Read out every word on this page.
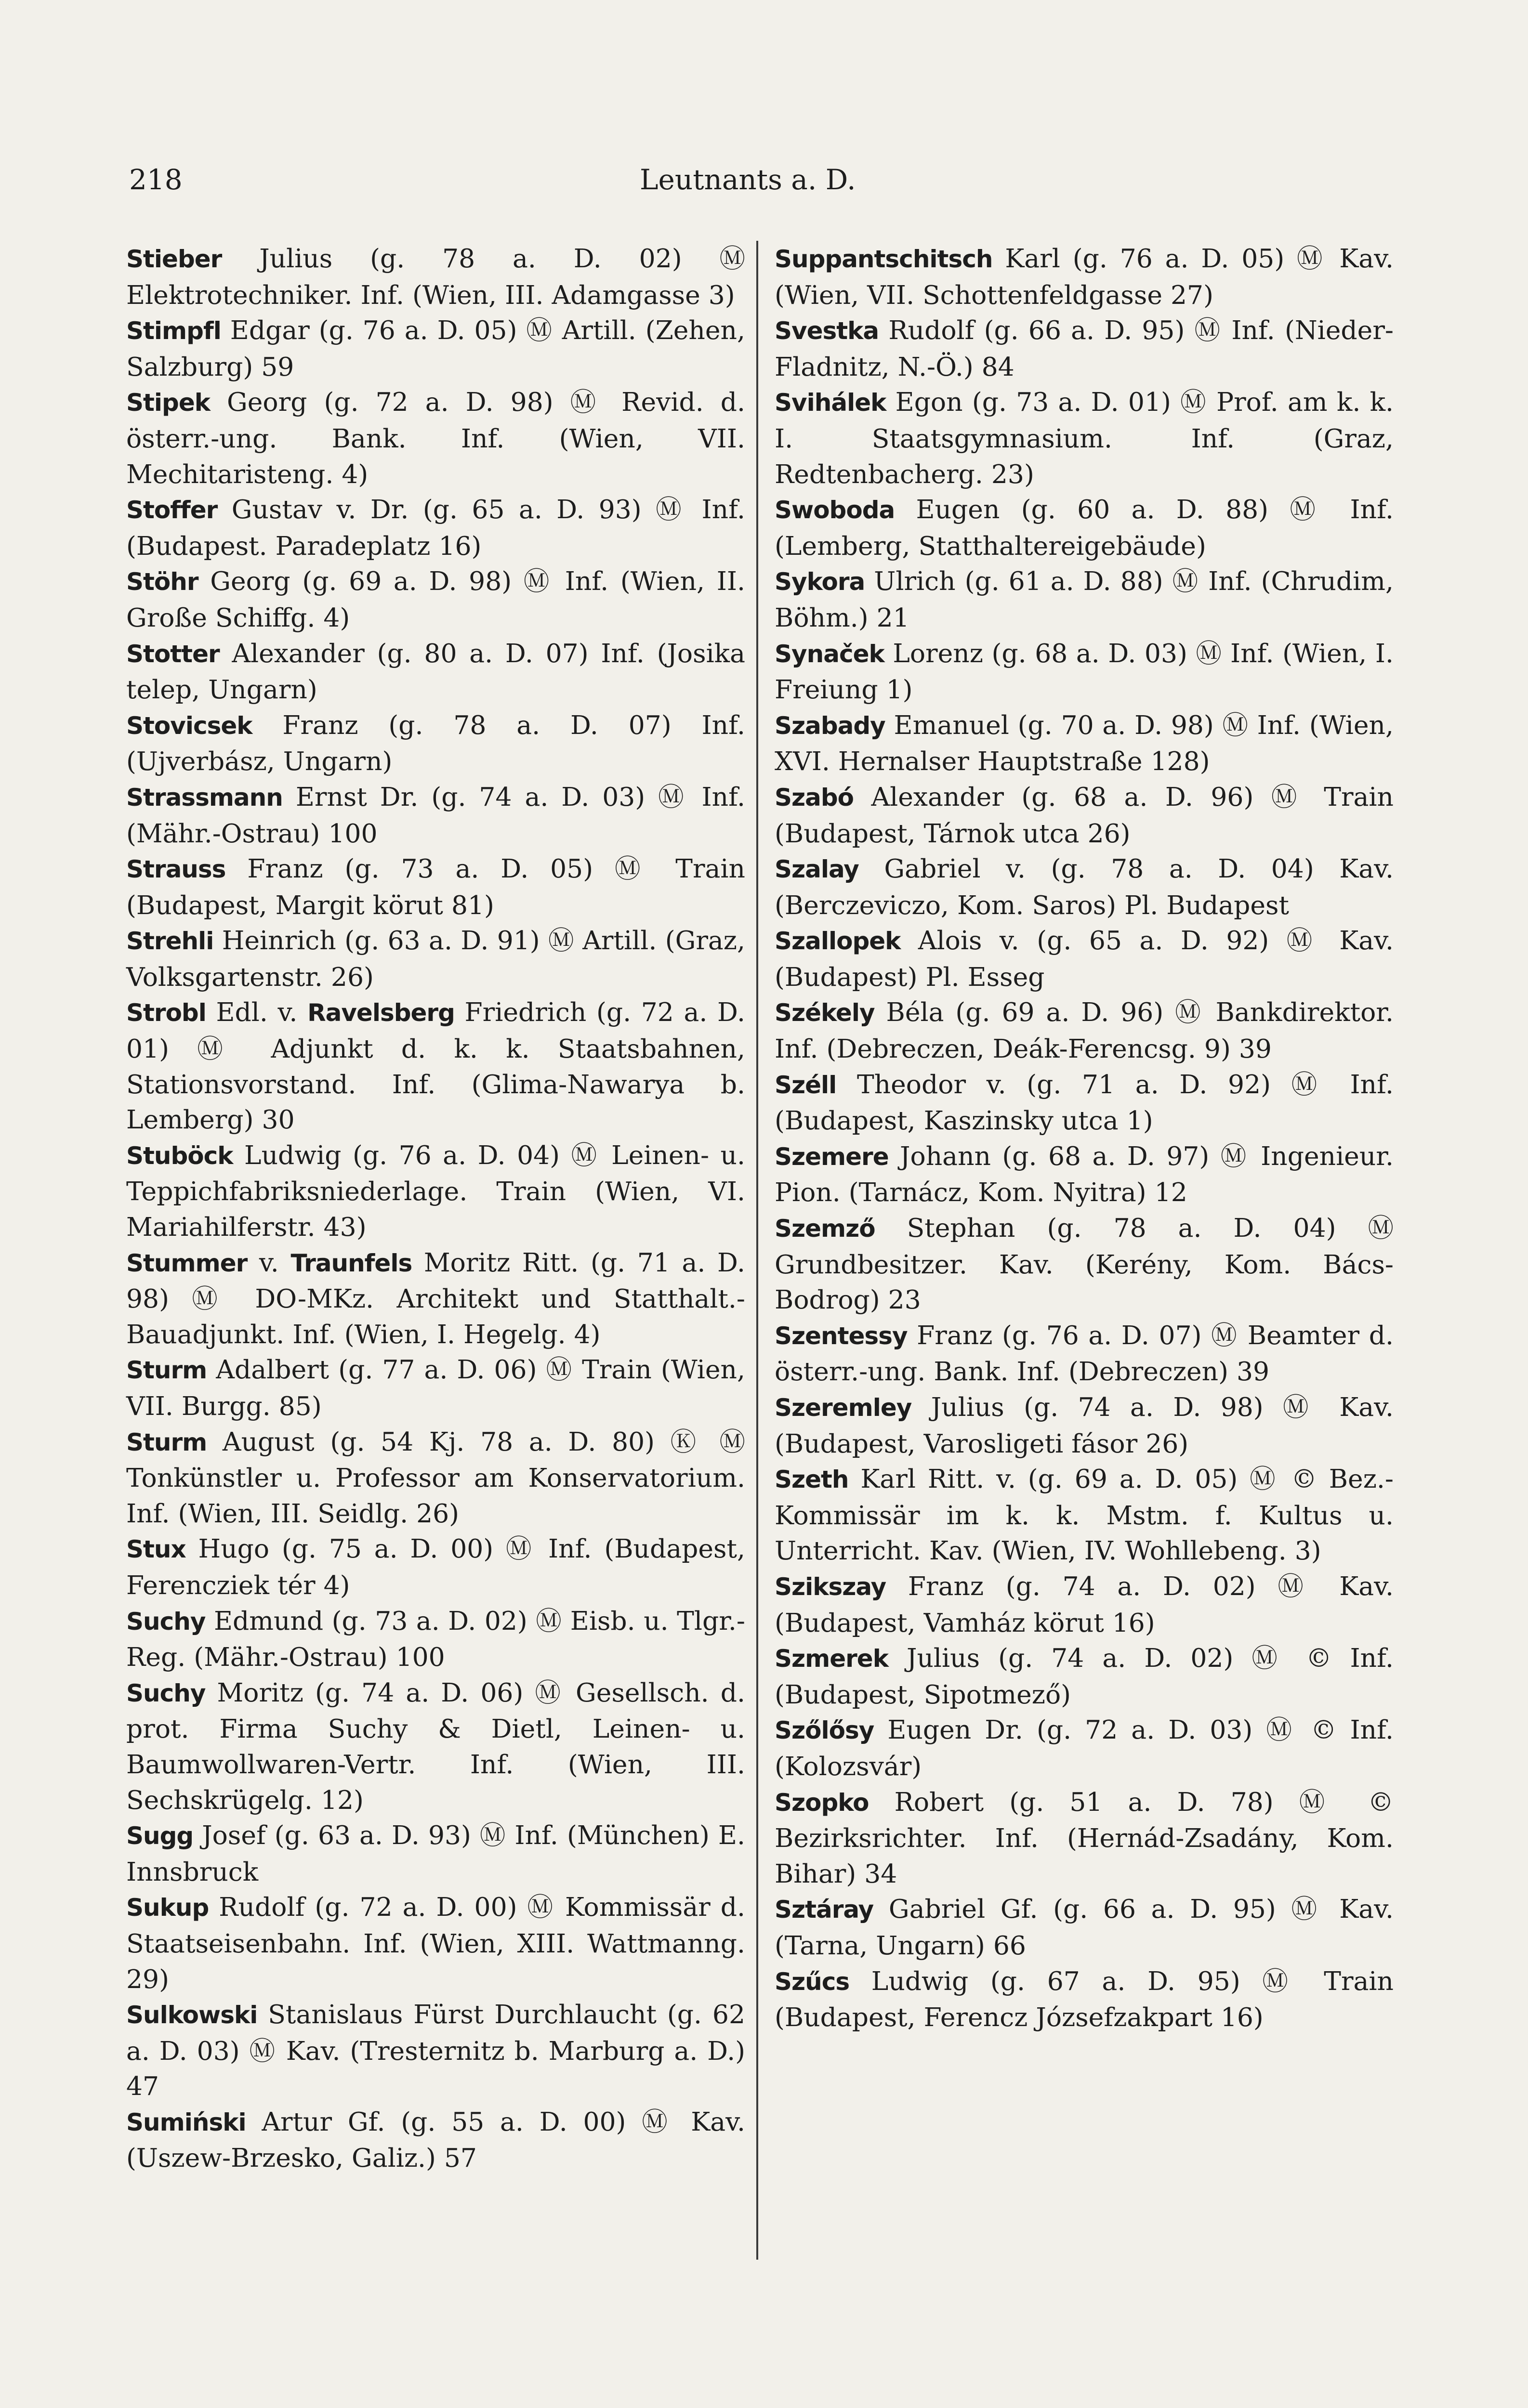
218	Leutnants a. D.

Stieber Julius (g. 78 a. D. 02) Ⓜ Elektrotechniker. Inf. (Wien, III. Adamgasse 3)

Stimpfl Edgar (g. 76 a. D. 05) Ⓜ Artill. (Zehen, Salzburg) 59

Stipek Georg (g. 72 a. D. 98) Ⓜ Revid. d. österr.-ung. Bank. Inf. (Wien, VII. Mechitaristeng. 4)

Stoffer Gustav v. Dr. (g. 65 a. D. 93) Ⓜ Inf. (Budapest. Paradeplatz 16)

Stöhr Georg (g. 69 a. D. 98) Ⓜ Inf. (Wien, II. Große Schiffg. 4)

Stotter Alexander (g. 80 a. D. 07) Inf. (Josika telep, Ungarn)

Stovicsek Franz (g. 78 a. D. 07) Inf. (Ujverbász, Ungarn)

Strassmann Ernst Dr. (g. 74 a. D. 03) Ⓜ Inf. (Mähr.-Ostrau) 100

Strauss Franz (g. 73 a. D. 05) Ⓜ Train (Budapest, Margit körut 81)

Strehli Heinrich (g. 63 a. D. 91) Ⓜ Artill. (Graz, Volksgartenstr. 26)

Strobl Edl. v. Ravelsberg Friedrich (g. 72 a. D. 01) Ⓜ Adjunkt d. k. k. Staatsbahnen, Stationsvorstand. Inf. (Glima-Nawarya b. Lemberg) 30

Stuböck Ludwig (g. 76 a. D. 04) Ⓜ Leinen- u. Teppichfabriksniederlage. Train (Wien, VI. Mariahilferstr. 43)

Stummer v. Traunfels Moritz Ritt. (g. 71 a. D. 98) Ⓜ DO-MKz. Architekt und Statthalt.-Bauadjunkt. Inf. (Wien, I. Hegelg. 4)

Sturm Adalbert (g. 77 a. D. 06) Ⓜ Train (Wien, VII. Burgg. 85)

Sturm August (g. 54 Kj. 78 a. D. 80) Ⓚ Ⓜ Tonkünstler u. Professor am Konservatorium. Inf. (Wien, III. Seidlg. 26)

Stux Hugo (g. 75 a. D. 00) Ⓜ Inf. (Budapest, Ferencziek tér 4)

Suchy Edmund (g. 73 a. D. 02) Ⓜ Eisb. u. Tlgr.-Reg. (Mähr.-Ostrau) 100

Suchy Moritz (g. 74 a. D. 06) Ⓜ Gesellsch. d. prot. Firma Suchy & Dietl, Leinen- u. Baumwollwaren-Vertr. Inf. (Wien, III. Sechskrügelg. 12)

Sugg Josef (g. 63 a. D. 93) Ⓜ Inf. (München) E. Innsbruck

Sukup Rudolf (g. 72 a. D. 00) Ⓜ Kommissär d. Staatseisenbahn. Inf. (Wien, XIII. Wattmanng. 29)

Sulkowski Stanislaus Fürst Durchlaucht (g. 62 a. D. 03) Ⓜ Kav. (Tresternitz b. Marburg a. D.) 47

Sumiński Artur Gf. (g. 55 a. D. 00) Ⓜ Kav. (Uszew-Brzesko, Galiz.) 57

Suppantschitsch Karl (g. 76 a. D. 05) Ⓜ Kav. (Wien, VII. Schottenfeldgasse 27)

Svestka Rudolf (g. 66 a. D. 95) Ⓜ Inf. (Nieder-Fladnitz, N.-Ö.) 84

Svihálek Egon (g. 73 a. D. 01) Ⓜ Prof. am k. k. I. Staatsgymnasium. Inf. (Graz, Redtenbacherg. 23)

Swoboda Eugen (g. 60 a. D. 88) Ⓜ Inf. (Lemberg, Statthaltereigebäude)

Sykora Ulrich (g. 61 a. D. 88) Ⓜ Inf. (Chrudim, Böhm.) 21

Synaček Lorenz (g. 68 a. D. 03) Ⓜ Inf. (Wien, I. Freiung 1)

Szabady Emanuel (g. 70 a. D. 98) Ⓜ Inf. (Wien, XVI. Hernalser Hauptstraße 128)

Szabó Alexander (g. 68 a. D. 96) Ⓜ Train (Budapest, Tárnok utca 26)

Szalay Gabriel v. (g. 78 a. D. 04) Kav. (Berczeviczo, Kom. Saros) Pl. Budapest

Szallopek Alois v. (g. 65 a. D. 92) Ⓜ Kav. (Budapest) Pl. Esseg

Székely Béla (g. 69 a. D. 96) Ⓜ Bankdirektor. Inf. (Debreczen, Deák-Ferencsg. 9) 39

Széll Theodor v. (g. 71 a. D. 92) Ⓜ Inf. (Budapest, Kaszinsky utca 1)

Szemere Johann (g. 68 a. D. 97) Ⓜ Ingenieur. Pion. (Tarnácz, Kom. Nyitra) 12

Szemző Stephan (g. 78 a. D. 04) Ⓜ Grundbesitzer. Kav. (Kerény, Kom. Bács-Bodrog) 23

Szentessy Franz (g. 76 a. D. 07) Ⓜ Beamter d. österr.-ung. Bank. Inf. (Debreczen) 39

Szeremley Julius (g. 74 a. D. 98) Ⓜ Kav. (Budapest, Varosligeti fásor 26)

Szeth Karl Ritt. v. (g. 69 a. D. 05) Ⓜ © Bez.-Kommissär im k. k. Mstm. f. Kultus u. Unterricht. Kav. (Wien, IV. Wohllebeng. 3)

Szikszay Franz (g. 74 a. D. 02) Ⓜ Kav. (Budapest, Vamház körut 16)

Szmerek Julius (g. 74 a. D. 02) Ⓜ © Inf. (Budapest, Sipotmező)

Szőlősy Eugen Dr. (g. 72 a. D. 03) Ⓜ © Inf. (Kolozsvár)

Szopko Robert (g. 51 a. D. 78) Ⓜ © Bezirksrichter. Inf. (Hernád-Zsadány, Kom. Bihar) 34

Sztáray Gabriel Gf. (g. 66 a. D. 95) Ⓜ Kav. (Tarna, Ungarn) 66

Szűcs Ludwig (g. 67 a. D. 95) Ⓜ Train (Budapest, Ferencz Józsefzakpart 16)
